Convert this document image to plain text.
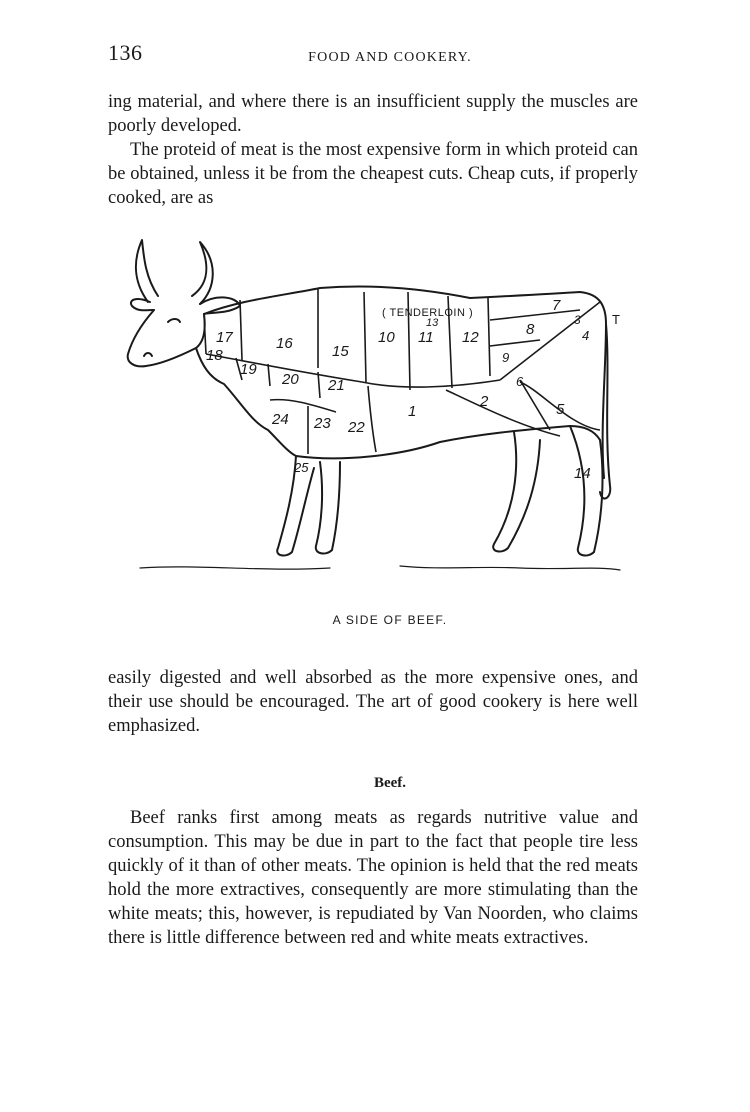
136	FOOD AND COOKERY.

ing material, and where there is an insufficient supply the muscles are poorly developed.

The proteid of meat is the most expensive form in which proteid can be obtained, unless it be from the cheapest cuts. Cheap cuts, if properly cooked, are as

( TENDERLOIN )	T
1
2
3
4
5
6
7
8
9
10 11 12
13
14
15
16
17
18
19
20 21
22
23
24
25
A SIDE OF BEEF.

easily digested and well absorbed as the more expensive ones, and their use should be encouraged. The art of good cookery is here well emphasized.

Beef.

Beef ranks first among meats as regards nutritive value and consumption. This may be due in part to the fact that people tire less quickly of it than of other meats. The opinion is held that the red meats hold the more extractives, consequently are more stimulating than the white meats; this, however, is repudiated by Van Noorden, who claims there is little difference between red and white meats extractives.
